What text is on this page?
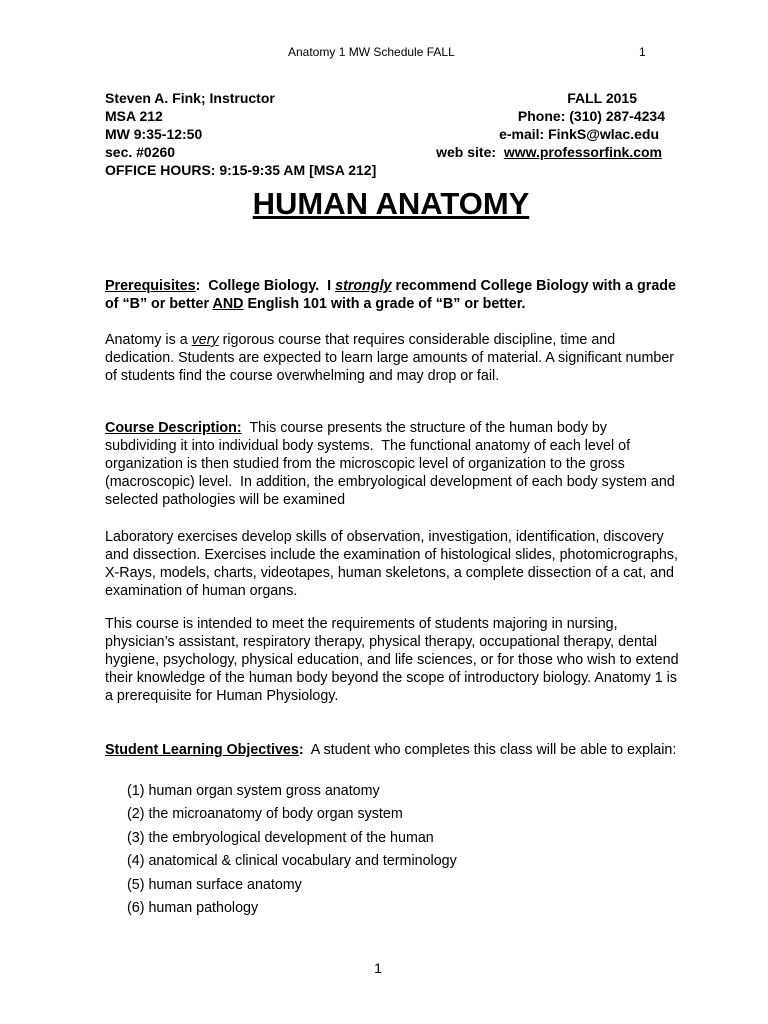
Anatomy 1 MW Schedule FALL	1
Steven A. Fink; Instructor	FALL 2015
MSA 212	Phone: (310) 287-4234
MW 9:35-12:50	e-mail: FinkS@wlac.edu
sec. #0260	web site:  www.professorfink.com
OFFICE HOURS: 9:15-9:35 AM [MSA 212]
HUMAN ANATOMY
Prerequisites:  College Biology.  I strongly recommend College Biology with a grade of “B” or better AND English 101 with a grade of “B” or better.
Anatomy is a very rigorous course that requires considerable discipline, time and dedication. Students are expected to learn large amounts of material. A significant number of students find the course overwhelming and may drop or fail.
Course Description:  This course presents the structure of the human body by subdividing it into individual body systems.  The functional anatomy of each level of organization is then studied from the microscopic level of organization to the gross (macroscopic) level.  In addition, the embryological development of each body system and selected pathologies will be examined
Laboratory exercises develop skills of observation, investigation, identification, discovery and dissection. Exercises include the examination of histological slides, photomicrographs, X-Rays, models, charts, videotapes, human skeletons, a complete dissection of a cat, and examination of human organs.
This course is intended to meet the requirements of students majoring in nursing, physician’s assistant, respiratory therapy, physical therapy, occupational therapy, dental hygiene, psychology, physical education, and life sciences, or for those who wish to extend their knowledge of the human body beyond the scope of introductory biology. Anatomy 1 is a prerequisite for Human Physiology.
Student Learning Objectives:  A student who completes this class will be able to explain:
(1) human organ system gross anatomy
(2) the microanatomy of body organ system
(3) the embryological development of the human
(4) anatomical & clinical vocabulary and terminology
(5) human surface anatomy
(6) human pathology
1
